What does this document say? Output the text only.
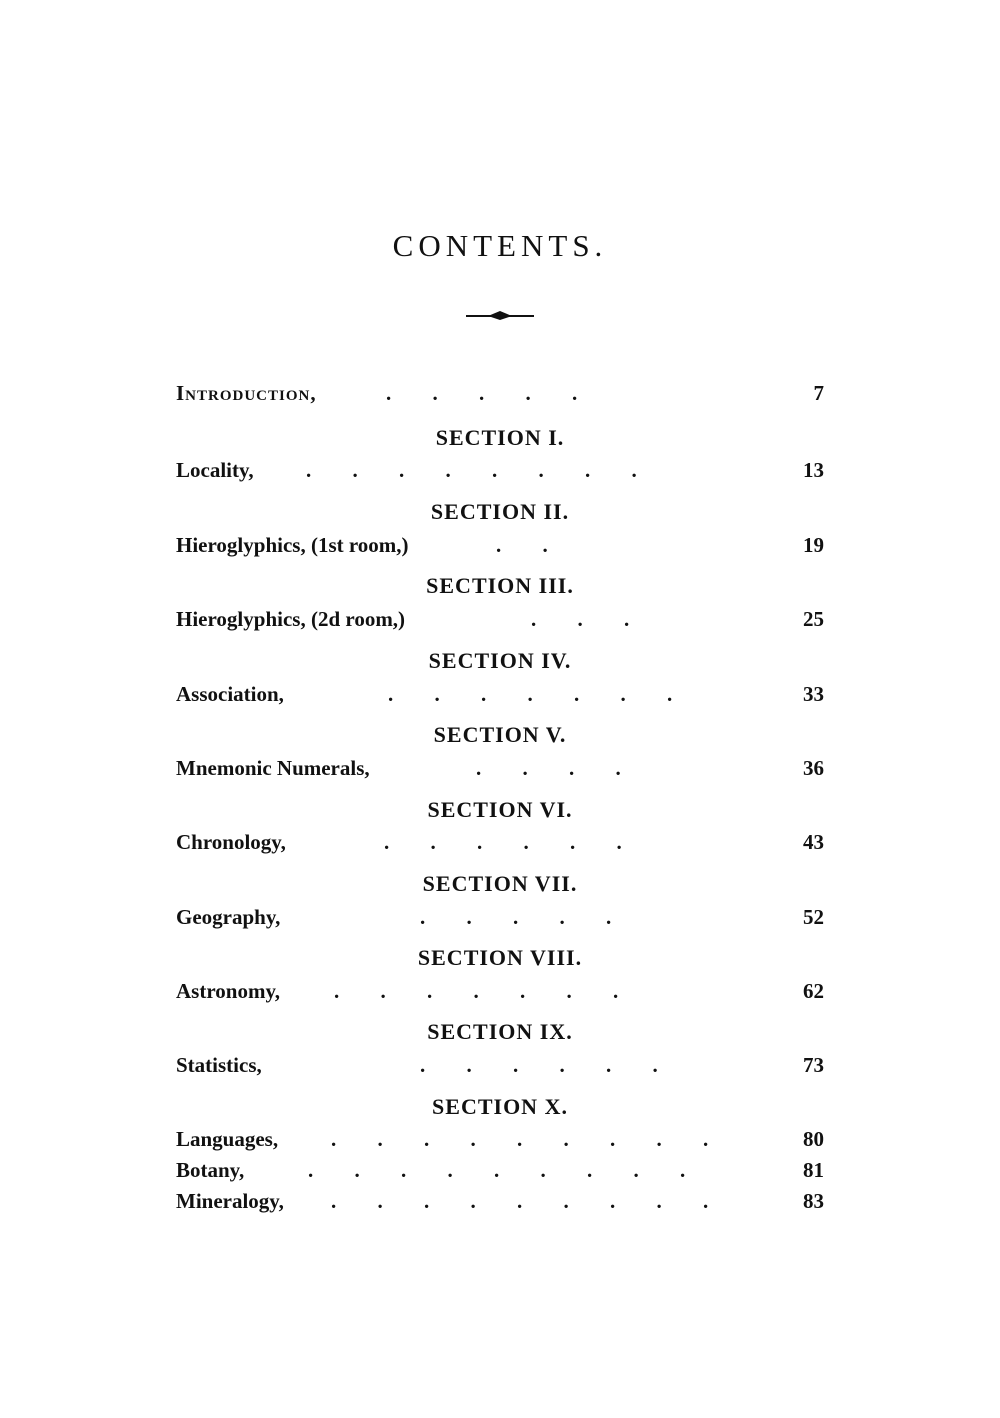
CONTENTS.
Introduction,	. . . . .	7
SECTION I.
Locality, . . . . . . . .	13
SECTION II.
Hieroglyphics, (1st room,)	. .	19
SECTION III.
Hieroglyphics, (2d room,)	. . .	25
SECTION IV.
Association,	. . . . . . .	33
SECTION V.
Mnemonic Numerals,	. . . .	36
SECTION VI.
Chronology,	. . . . . .	43
SECTION VII.
Geography,	. . . . .	52
SECTION VIII.
Astronomy,	. . . . . . .	62
SECTION IX.
Statistics,	. . . . . .	73
SECTION X.
Languages,	. . . . . . . . .	80
Botany,	. . . . . . . . .	81
Mineralogy, . . . . . . . . .	83
